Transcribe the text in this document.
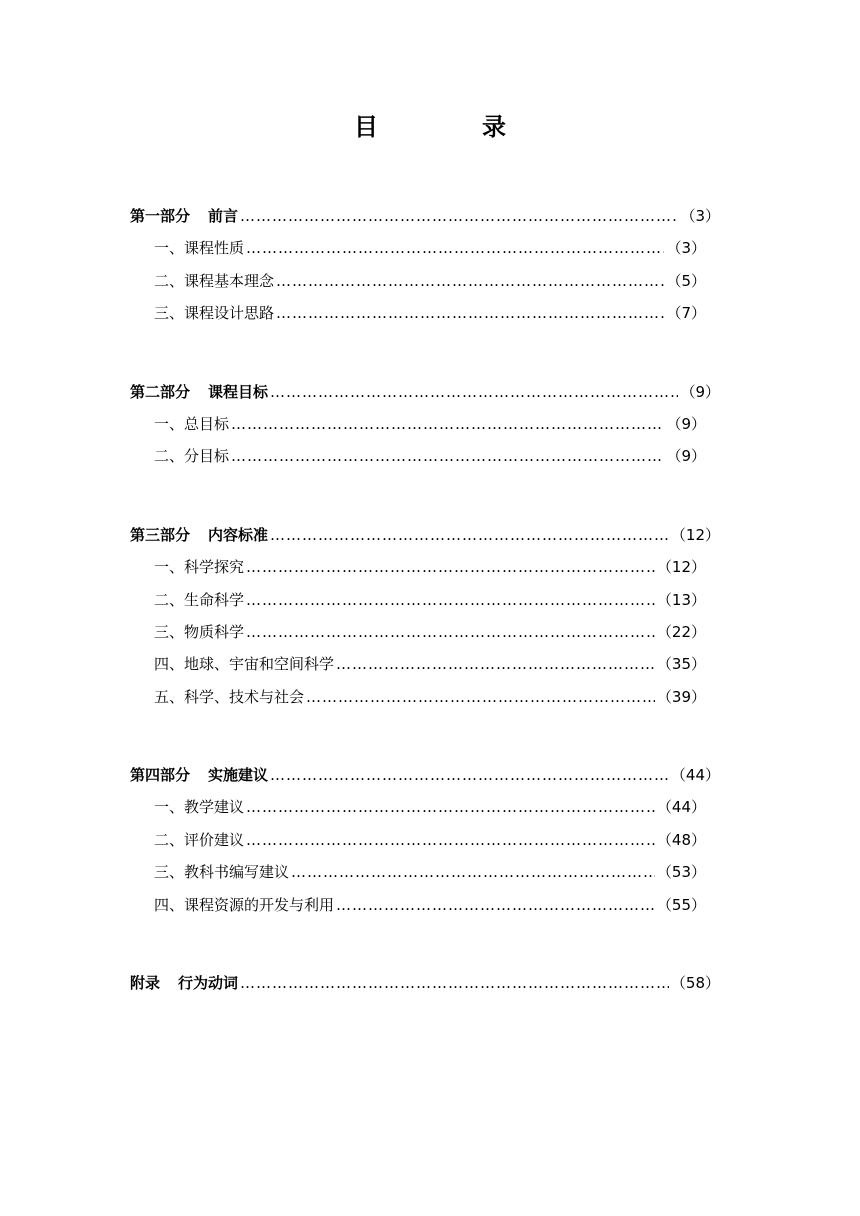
目　录
第一部分 前言 …………………………………………………………………………………………………………………………………………………………	（3）
一、课程性质 …………………………………………………………………………………………………………………………………………………………	（3）
二、课程基本理念 …………………………………………………………………………………………………………………………………………………………	（5）
三、课程设计思路 …………………………………………………………………………………………………………………………………………………………	（7）
第二部分 课程目标 …………………………………………………………………………………………………………………………………………………………	（9）
一、总目标 …………………………………………………………………………………………………………………………………………………………	（9）
二、分目标 …………………………………………………………………………………………………………………………………………………………	（9）
第三部分 内容标准 …………………………………………………………………………………………………………………………………………………………	（12）
一、科学探究 …………………………………………………………………………………………………………………………………………………………	（12）
二、生命科学 …………………………………………………………………………………………………………………………………………………………	（13）
三、物质科学 …………………………………………………………………………………………………………………………………………………………	（22）
四、地球、宇宙和空间科学 …………………………………………………………………………………………………………………………………………………………	（35）
五、科学、技术与社会 …………………………………………………………………………………………………………………………………………………………	（39）
第四部分 实施建议 …………………………………………………………………………………………………………………………………………………………	（44）
一、教学建议 …………………………………………………………………………………………………………………………………………………………	（44）
二、评价建议 …………………………………………………………………………………………………………………………………………………………	（48）
三、教科书编写建议 …………………………………………………………………………………………………………………………………………………………	（53）
四、课程资源的开发与利用 …………………………………………………………………………………………………………………………………………………………	（55）
附录 行为动词 …………………………………………………………………………………………………………………………………………………………	（58）
